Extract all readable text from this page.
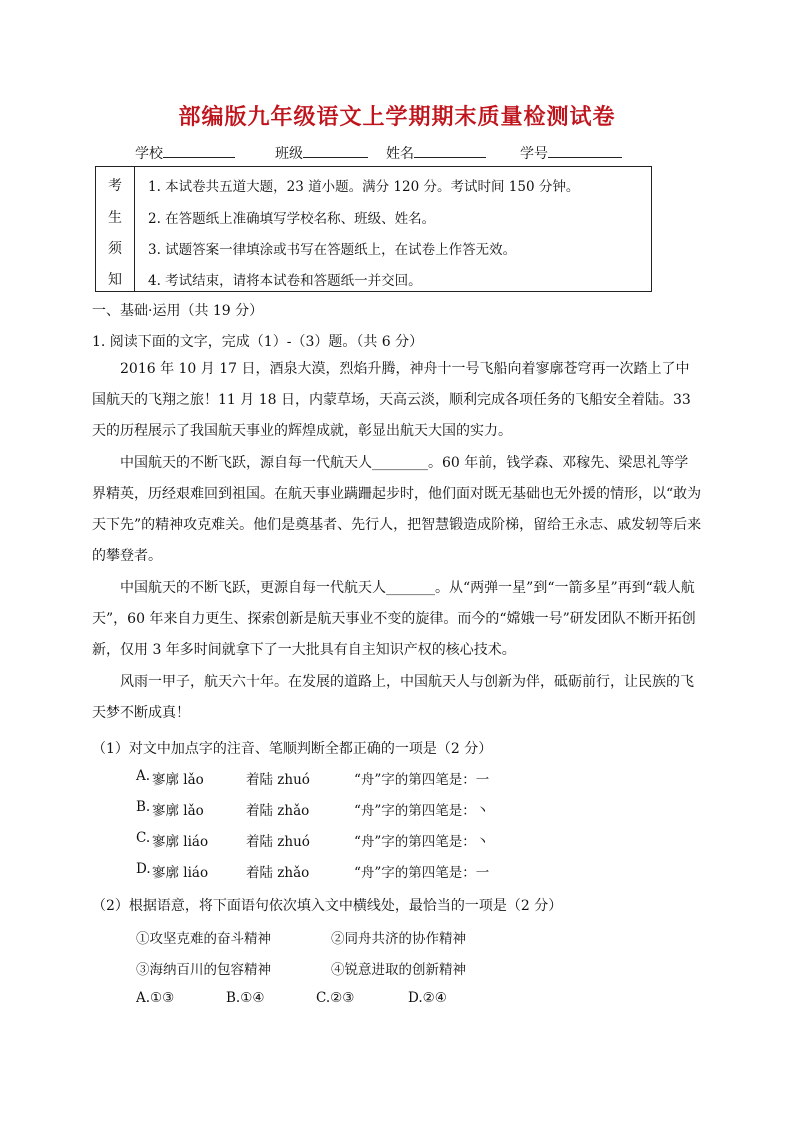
部编版九年级语文上学期期末质量检测试卷
学校	班级	姓名	学号
考
生
须
知
1. 本试卷共五道大题，23 道小题。满分 120 分。考试时间 150 分钟。
2. 在答题纸上准确填写学校名称、班级、姓名。
3. 试题答案一律填涂或书写在答题纸上，在试卷上作答无效。
4. 考试结束，请将本试卷和答题纸一并交回。
一、基础·运用（共 19 分）
1. 阅读下面的文字，完成（1）-（3）题。（共 6 分）
2016 年 10 月 17 日，酒泉大漠，烈焰升腾，神舟十一号飞船向着寥廓苍穹再一次踏上了中国航天的飞翔之旅！11 月 18 日，内蒙草场，天高云淡，顺利完成各项任务的飞船安全着陆。33 天的历程展示了我国航天事业的辉煌成就，彰显出航天大国的实力。
中国航天的不断飞跃，源自每一代航天人________。60 年前，钱学森、邓稼先、梁思礼等学界精英，历经艰难回到祖国。在航天事业蹒跚起步时，他们面对既无基础也无外援的情形，以“敢为天下先”的精神攻克难关。他们是奠基者、先行人，把智慧锻造成阶梯，留给王永志、戚发轫等后来的攀登者。
中国航天的不断飞跃，更源自每一代航天人_______。从“两弹一星”到“一箭多星”再到“载人航天”，60 年来自力更生、探索创新是航天事业不变的旋律。而今的“嫦娥一号”研发团队不断开拓创新，仅用 3 年多时间就拿下了一大批具有自主知识产权的核心技术。
风雨一甲子，航天六十年。在发展的道路上，中国航天人与创新为伴，砥砺前行，让民族的飞天梦不断成真！
（1）对文中加点字的注音、笔顺判断全都正确的一项是（2 分）
A. 寥廓 lǎo	着陆 zhuó	“舟”字的第四笔是：一
B. 寥廓 lǎo	着陆 zhǎo	“舟”字的第四笔是：丶
C. 寥廓 liáo	着陆 zhuó	“舟”字的第四笔是：丶
D. 寥廓 liáo	着陆 zhǎo	“舟”字的第四笔是：一
（2）根据语意，将下面语句依次填入文中横线处，最恰当的一项是（2 分）
①攻坚克难的奋斗精神	②同舟共济的协作精神
③海纳百川的包容精神	④锐意进取的创新精神
A.①③	B.①④	C.②③	D.②④
